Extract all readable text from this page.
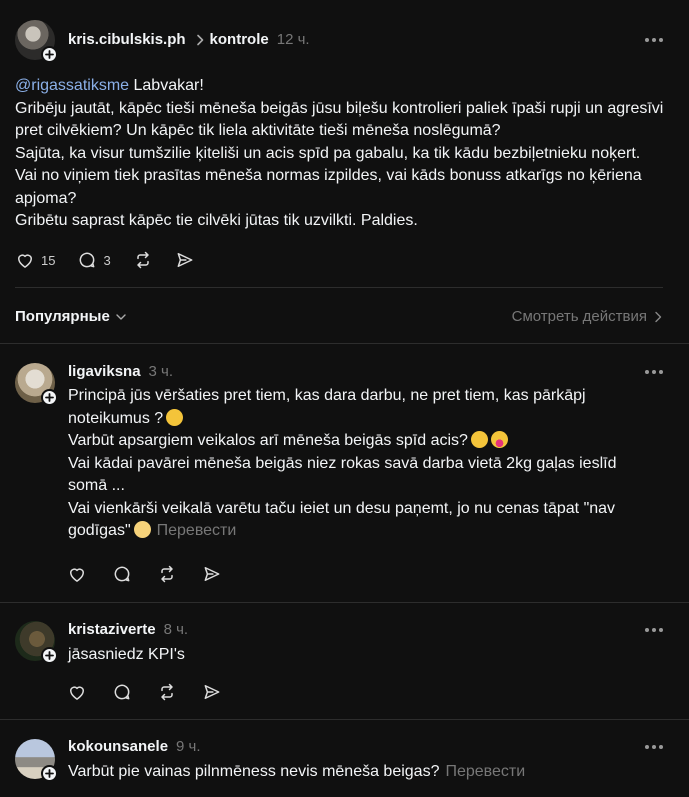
kris.cibulskis.ph kontrole 12 ч.

@rigassatiksme Labvakar!

Gribēju jautāt, kāpēc tieši mēneša beigās jūsu biļešu kontrolieri paliek īpaši rupji un agresīvi pret cilvēkiem? Un kāpēc tik liela aktivitāte tieši mēneša noslēgumā?

Sajūta, ka visur tumšzilie ķiteliši un acis spīd pa gabalu, ka tik kādu bezbiļetnieku noķert. Vai no viņiem tiek prasītas mēneša normas izpildes, vai kāds bonuss atkarīgs no ķēriena apjoma?

Gribētu saprast kāpēc tie cilvēki jūtas tik uzvilkti. Paldies.

15	3
Популярные	Смотреть действия
ligaviksna 3 ч.

Principā jūs vēršaties pret tiem, kas dara darbu, ne pret tiem, kas pārkāpj noteikumus ?

Varbūt apsargiem veikalos arī mēneša beigās spīd acis?

Vai kādai pavārei mēneša beigās niez rokas savā darba vietā 2kg gaļas ieslīd somā ...

Vai vienkārši veikalā varētu taču ieiet un desu paņemt, jo nu cenas tāpat "nav godīgas" Перевести

kristaziverte 8 ч.

jāsasniedz KPI's

kokounsanele 9 ч.

Varbūt pie vainas pilnmēness nevis mēneša beigas? Перевести
